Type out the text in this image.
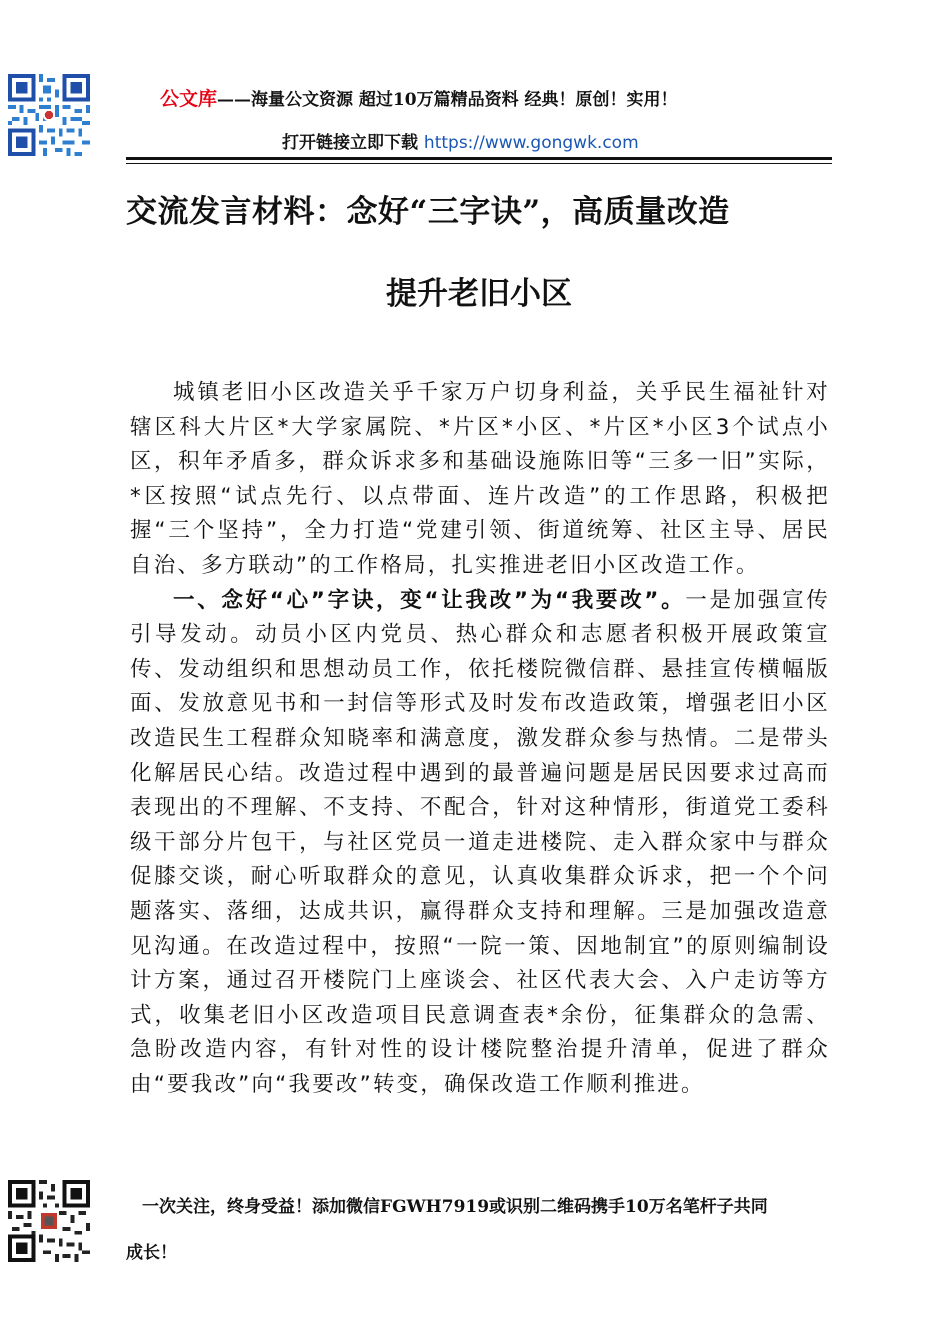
公文库——海量公文资源 超过10万篇精品资料 经典！原创！实用！
打开链接立即下载 https://www.gongwk.com
交流发言材料：念好“三字诀”，高质量改造
提升老旧小区

城镇老旧小区改造关乎千家万户切身利益，关乎民生福祉针对辖区科大片区*大学家属院、*片区*小区、*片区*小区3个试点小区，积年矛盾多，群众诉求多和基础设施陈旧等“三多一旧”实际，*区按照“试点先行、以点带面、连片改造”的工作思路，积极把握“三个坚持”，全力打造“党建引领、街道统筹、社区主导、居民自治、多方联动”的工作格局，扎实推进老旧小区改造工作。

一、念好“心”字诀，变“让我改”为“我要改”。一是加强宣传引导发动。动员小区内党员、热心群众和志愿者积极开展政策宣传、发动组织和思想动员工作，依托楼院微信群、悬挂宣传横幅版面、发放意见书和一封信等形式及时发布改造政策，增强老旧小区改造民生工程群众知晓率和满意度，激发群众参与热情。二是带头化解居民心结。改造过程中遇到的最普遍问题是居民因要求过高而表现出的不理解、不支持、不配合，针对这种情形，街道党工委科级干部分片包干，与社区党员一道走进楼院、走入群众家中与群众促膝交谈，耐心听取群众的意见，认真收集群众诉求，把一个个问题落实、落细，达成共识，赢得群众支持和理解。三是加强改造意见沟通。在改造过程中，按照“一院一策、因地制宜”的原则编制设计方案，通过召开楼院门上座谈会、社区代表大会、入户走访等方式，收集老旧小区改造项目民意调查表*余份，征集群众的急需、急盼改造内容，有针对性的设计楼院整治提升清单，促进了群众由“要我改”向“我要改”转变，确保改造工作顺利推进。

一次关注，终身受益！添加微信FGWH7919或识别二维码携手10万名笔杆子共同
成长！
